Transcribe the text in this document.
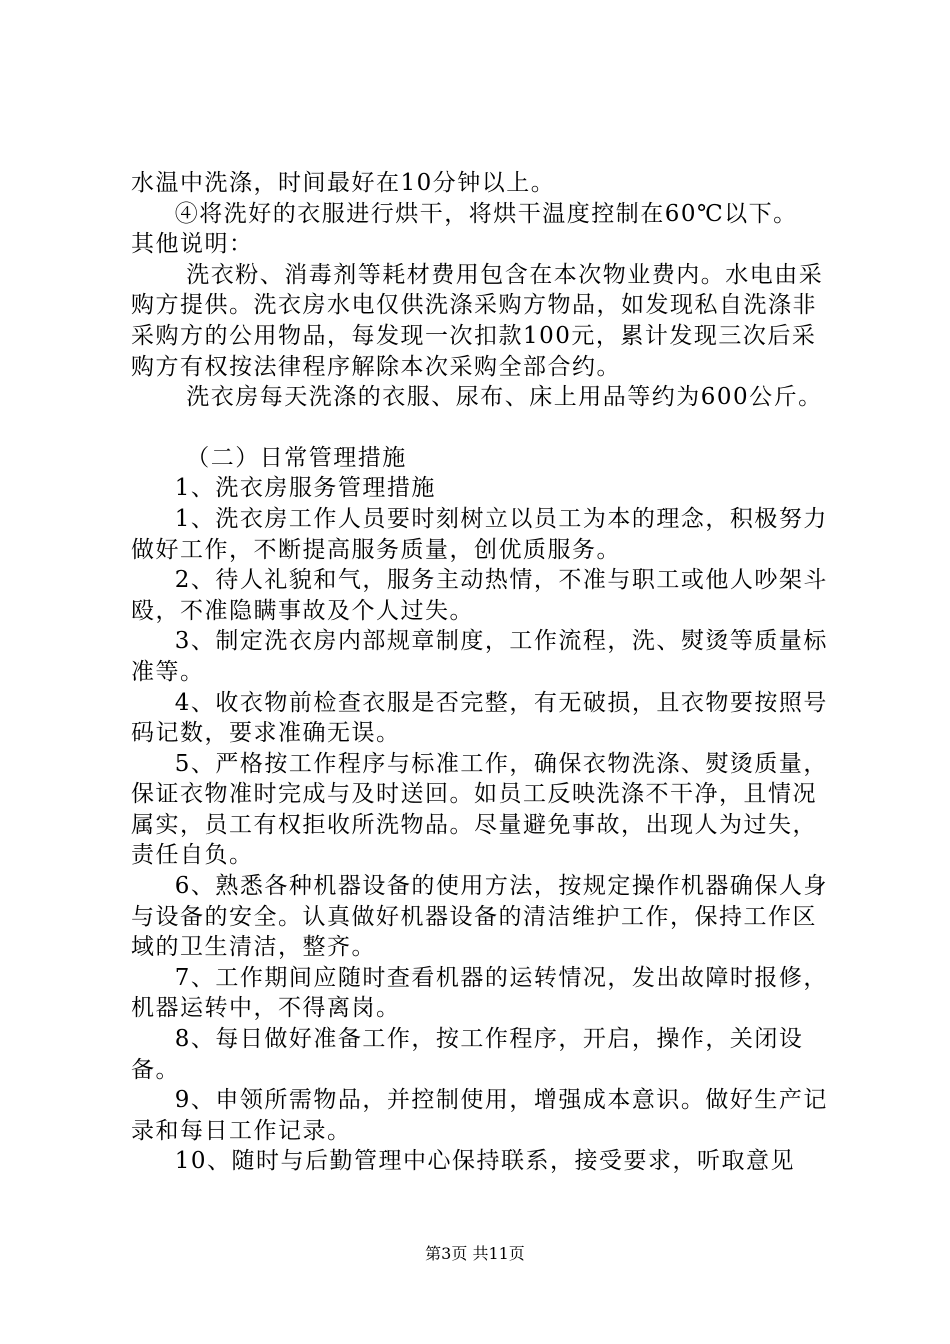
水温中洗涤，时间最好在10分钟以上。

④将洗好的衣服进行烘干，将烘干温度控制在60℃以下。

其他说明：

洗衣粉、消毒剂等耗材费用包含在本次物业费内。水电由采购方提供。洗衣房水电仅供洗涤采购方物品，如发现私自洗涤非采购方的公用物品，每发现一次扣款100元，累计发现三次后采购方有权按法律程序解除本次采购全部合约。

洗衣房每天洗涤的衣服、尿布、床上用品等约为600公斤。

（二）日常管理措施

1、洗衣房服务管理措施

1、洗衣房工作人员要时刻树立以员工为本的理念，积极努力做好工作，不断提高服务质量，创优质服务。

2、待人礼貌和气，服务主动热情，不准与职工或他人吵架斗殴，不准隐瞒事故及个人过失。

3、制定洗衣房内部规章制度，工作流程，洗、熨烫等质量标准等。

4、收衣物前检查衣服是否完整，有无破损，且衣物要按照号码记数，要求准确无误。

5、严格按工作程序与标准工作，确保衣物洗涤、熨烫质量，保证衣物准时完成与及时送回。如员工反映洗涤不干净，且情况属实，员工有权拒收所洗物品。尽量避免事故，出现人为过失，责任自负。

6、熟悉各种机器设备的使用方法，按规定操作机器确保人身与设备的安全。认真做好机器设备的清洁维护工作，保持工作区域的卫生清洁，整齐。

7、工作期间应随时查看机器的运转情况，发出故障时报修，机器运转中，不得离岗。

8、每日做好准备工作，按工作程序，开启，操作，关闭设备。

9、申领所需物品，并控制使用，增强成本意识。做好生产记录和每日工作记录。

10、随时与后勤管理中心保持联系，接受要求，听取意见

第3页 共11页
